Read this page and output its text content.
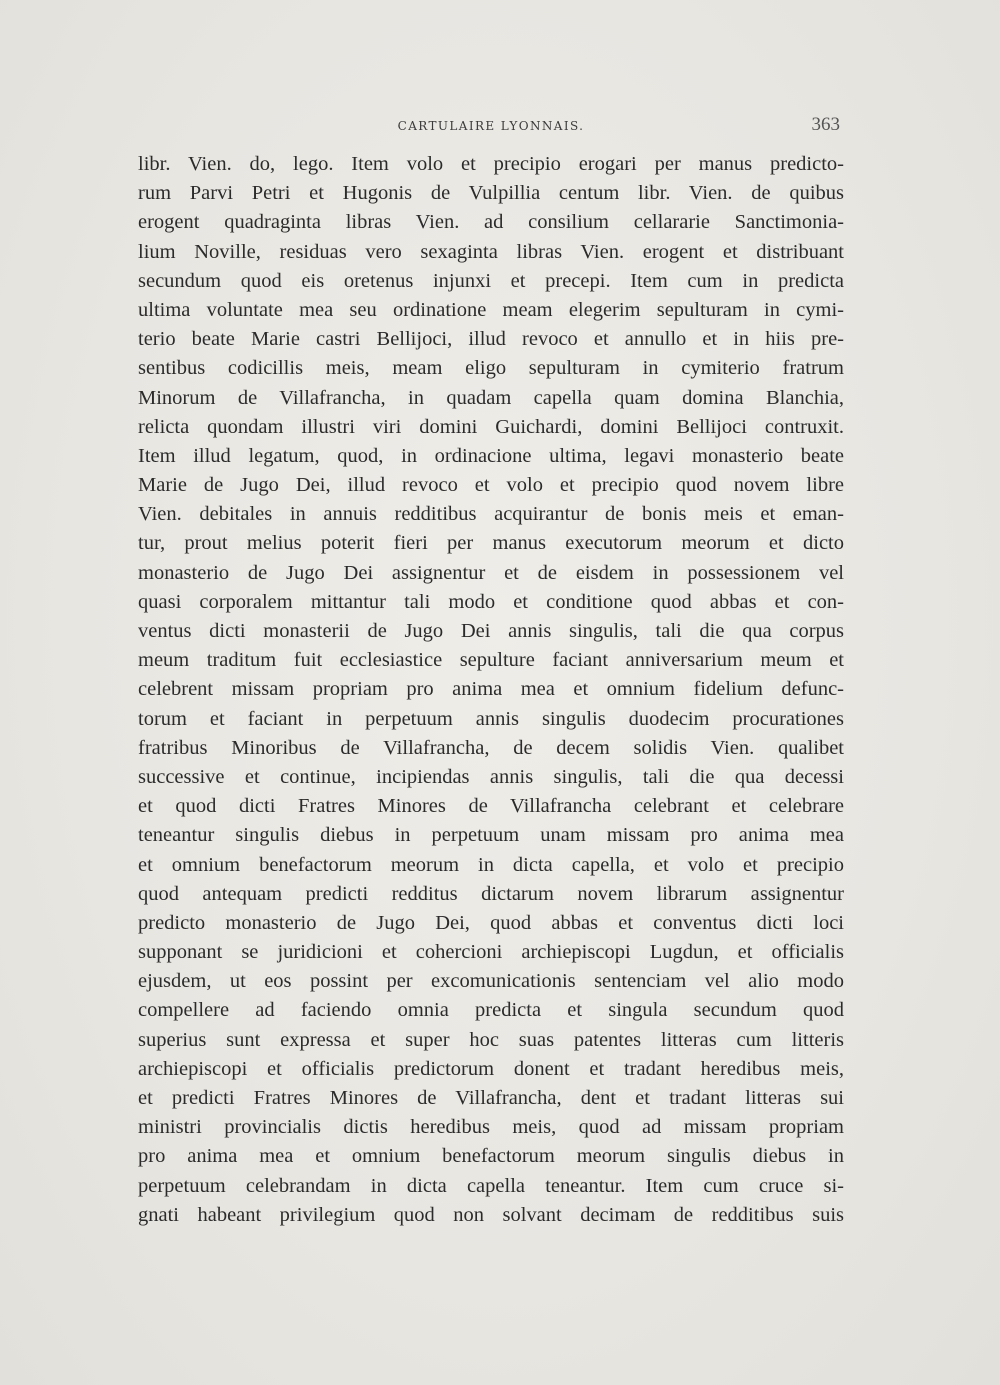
CARTULAIRE LYONNAIS.	363
libr. Vien. do, lego. Item volo et precipio erogari per manus predicto-
rum Parvi Petri et Hugonis de Vulpillia centum libr. Vien. de quibus
erogent quadraginta libras Vien. ad consilium cellararie Sanctimonia-
lium Noville, residuas vero sexaginta libras Vien. erogent et distribuant
secundum quod eis oretenus injunxi et precepi. Item cum in predicta
ultima voluntate mea seu ordinatione meam elegerim sepulturam in cymi-
terio beate Marie castri Bellijoci, illud revoco et annullo et in hiis pre-
sentibus codicillis meis, meam eligo sepulturam in cymiterio fratrum
Minorum de Villafrancha, in quadam capella quam domina Blanchia,
relicta quondam illustri viri domini Guichardi, domini Bellijoci contruxit.
Item illud legatum, quod, in ordinacione ultima, legavi monasterio beate
Marie de Jugo Dei, illud revoco et volo et precipio quod novem libre
Vien. debitales in annuis redditibus acquirantur de bonis meis et eman-
tur, prout melius poterit fieri per manus executorum meorum et dicto
monasterio de Jugo Dei assignentur et de eisdem in possessionem vel
quasi corporalem mittantur tali modo et conditione quod abbas et con-
ventus dicti monasterii de Jugo Dei annis singulis, tali die qua corpus
meum traditum fuit ecclesiastice sepulture faciant anniversarium meum et
celebrent missam propriam pro anima mea et omnium fidelium defunc-
torum et faciant in perpetuum annis singulis duodecim procurationes
fratribus Minoribus de Villafrancha, de decem solidis Vien. qualibet
successive et continue, incipiendas annis singulis, tali die qua decessi
et quod dicti Fratres Minores de Villafrancha celebrant et celebrare
teneantur singulis diebus in perpetuum unam missam pro anima mea
et omnium benefactorum meorum in dicta capella, et volo et precipio
quod antequam predicti redditus dictarum novem librarum assignentur
predicto monasterio de Jugo Dei, quod abbas et conventus dicti loci
supponant se juridicioni et cohercioni archiepiscopi Lugdun, et officialis
ejusdem, ut eos possint per excomunicationis sentenciam vel alio modo
compellere ad faciendo omnia predicta et singula secundum quod
superius sunt expressa et super hoc suas patentes litteras cum litteris
archiepiscopi et officialis predictorum donent et tradant heredibus meis,
et predicti Fratres Minores de Villafrancha, dent et tradant litteras sui
ministri provincialis dictis heredibus meis, quod ad missam propriam
pro anima mea et omnium benefactorum meorum singulis diebus in
perpetuum celebrandam in dicta capella teneantur. Item cum cruce si-
gnati habeant privilegium quod non solvant decimam de redditibus suis
